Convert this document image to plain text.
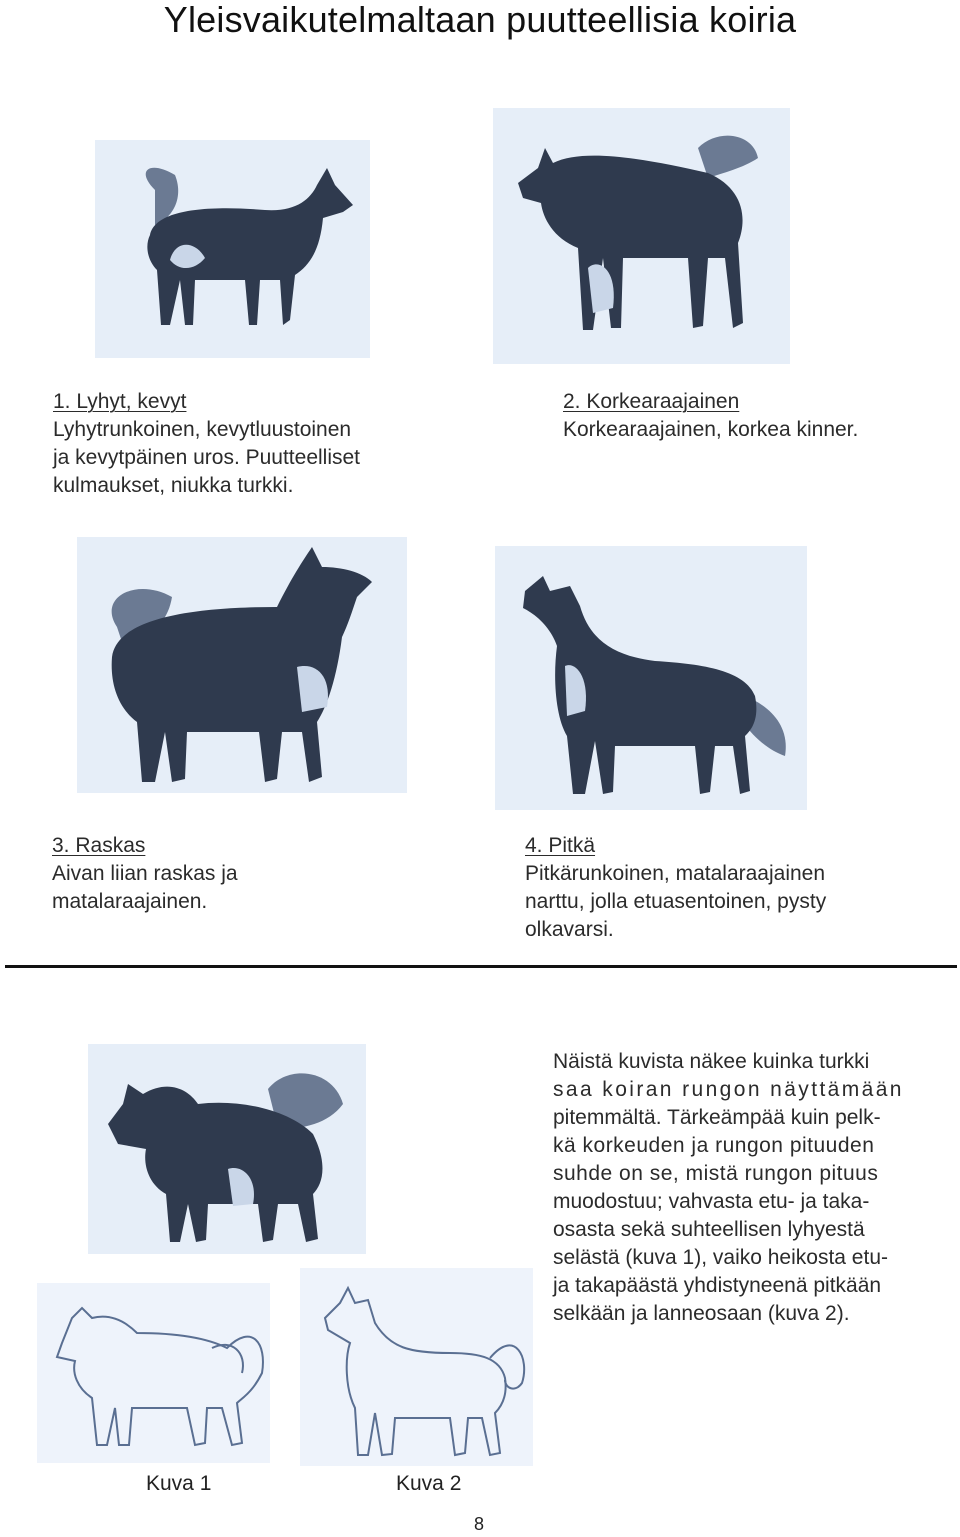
Yleisvaikutelmaltaan puutteellisia koiria
1. Lyhyt, kevyt
Lyhytrunkoinen, kevytluustoinen
ja kevytpäinen uros. Puutteelliset
kulmaukset, niukka turkki.
2. Korkearaajainen
Korkearaajainen, korkea kinner.
3. Raskas
Aivan liian raskas ja
matalaraajainen.
4. Pitkä
Pitkärunkoinen, matalaraajainen
narttu, jolla etuasentoinen, pysty
olkavarsi.
Näistä kuvista näkee kuinka turkki
saa koiran rungon näyttämään
pitemmältä. Tärkeämpää kuin pelk-
kä korkeuden ja rungon pituuden
suhde on se, mistä rungon pituus
muodostuu; vahvasta etu- ja taka-
osasta sekä suhteellisen lyhyestä
selästä (kuva 1), vaiko heikosta etu-
ja takapäästä yhdistyneenä pitkään
selkään ja lanneosaan (kuva 2).
Kuva 1	Kuva 2
8
